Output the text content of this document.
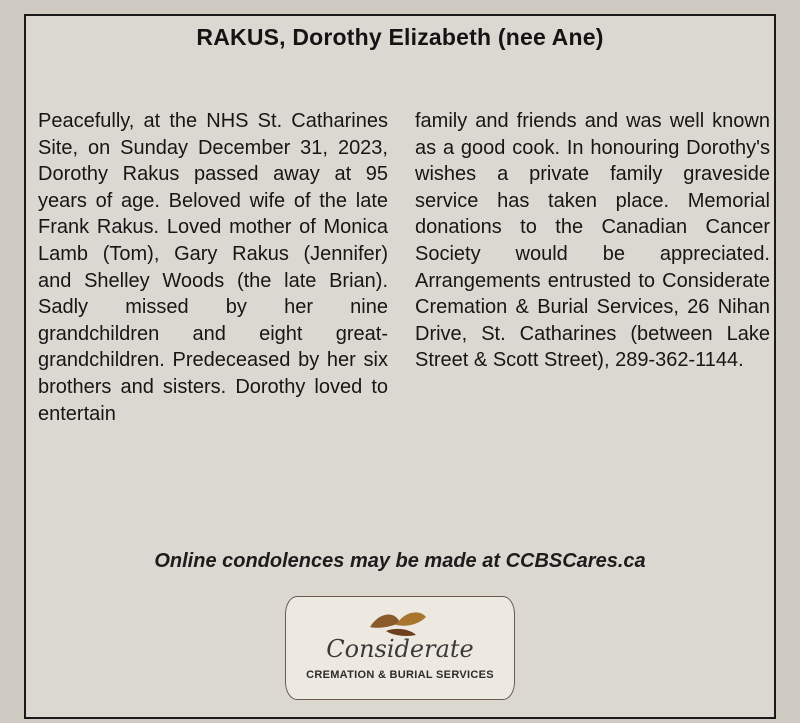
RAKUS, Dorothy Elizabeth (nee Ane)
Peacefully, at the NHS St. Catharines Site, on Sunday December 31, 2023, Dorothy Rakus passed away at 95 years of age. Beloved wife of the late Frank Rakus. Loved mother of Monica Lamb (Tom), Gary Rakus (Jennifer) and Shelley Woods (the late Brian). Sadly missed by her nine grandchildren and eight great-grandchildren. Predeceased by her six brothers and sisters. Dorothy loved to entertain
family and friends and was well known as a good cook. In honouring Dorothy's wishes a private family graveside service has taken place. Memorial donations to the Canadian Cancer Society would be appreciated. Arrangements entrusted to Considerate Cremation & Burial Services, 26 Nihan Drive, St. Catharines (between Lake Street & Scott Street), 289-362-1144.
Online condolences may be made at CCBSCares.ca
Considerate
CREMATION & BURIAL SERVICES
